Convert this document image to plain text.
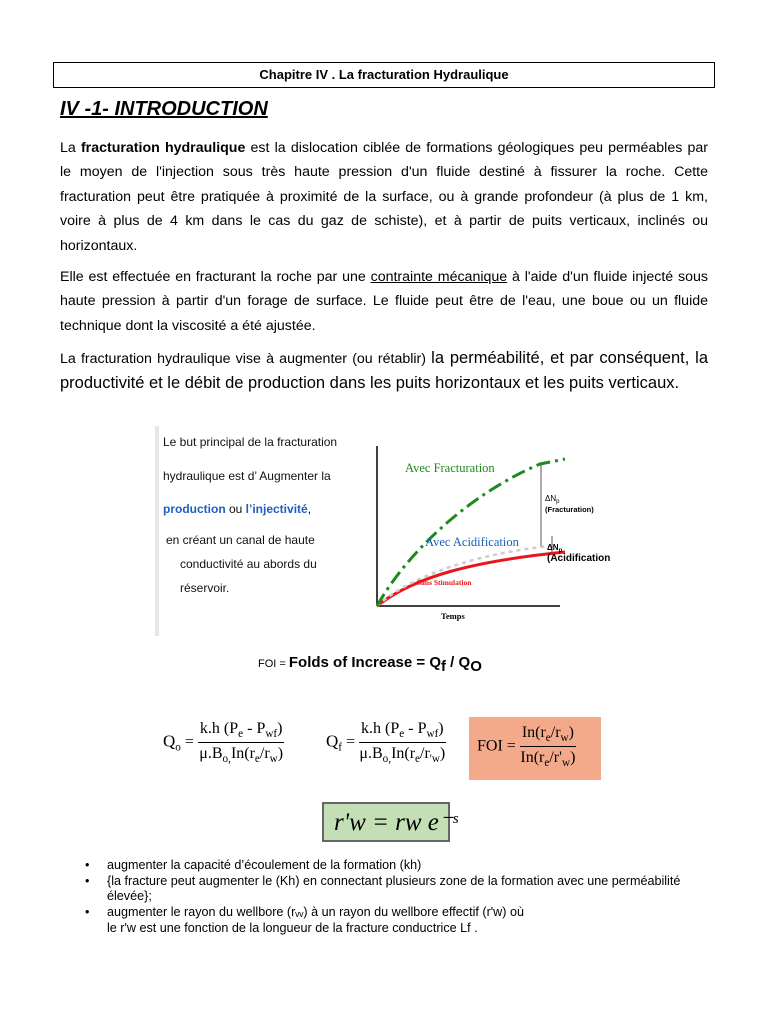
Chapitre IV . La fracturation Hydraulique
IV -1- INTRODUCTION
La fracturation hydraulique est la dislocation ciblée de formations géologiques peu perméables par le moyen de l'injection sous très haute pression d'un fluide destiné à fissurer la roche. Cette fracturation peut être pratiquée à proximité de la surface, ou à grande profondeur (à plus de 1 km, voire à plus de 4 km dans le cas du gaz de schiste), et à partir de puits verticaux, inclinés ou horizontaux.
Elle est effectuée en fracturant la roche par une contrainte mécanique à l'aide d'un fluide injecté sous haute pression à partir d'un forage de surface. Le fluide peut être de l'eau, une boue ou un fluide technique dont la viscosité a été ajustée.
La fracturation hydraulique vise à augmenter (ou rétablir) la perméabilité, et par conséquent, la productivité et le débit de production dans les puits horizontaux et les puits verticaux.
Le but principal de la fracturation
hydraulique est d’ Augmenter la
production ou l’injectivité,
en créant un canal de haute
conductivité au abords du
réservoir.
Avec Fracturation
Avec Acidification
Sans Stimulation
$\Delta N_p$
(Fracturation)
$\Delta N_p$
(Acidification
Temps
FOI = Folds of Increase = $Q_f / Q_O$
$Q_o = \frac{k.h (P_e - P_{wf})}{\mu.B_{o,}In(r_e/r_w)} Q_f = \frac{k.h (P_e - P_{wf})}{\mu.B_{o,}In(r_e/r_{'w})}$ FOI = $\frac{In(r_e/r_w)}{In(r_e/r'_w)}$
r'w = rw e⁻ˢ
• augmenter la capacité d’écoulement de la formation (kh)
• {la fracture peut augmenter le (Kh) en connectant plusieurs zone de la formation avec une perméabilité élevée};
• augmenter le rayon du wellbore (rᵥᵥ) à un rayon du wellbore effectif (r'w) où
le r'w est une fonction de la longueur de la fracture conductrice Lf .
